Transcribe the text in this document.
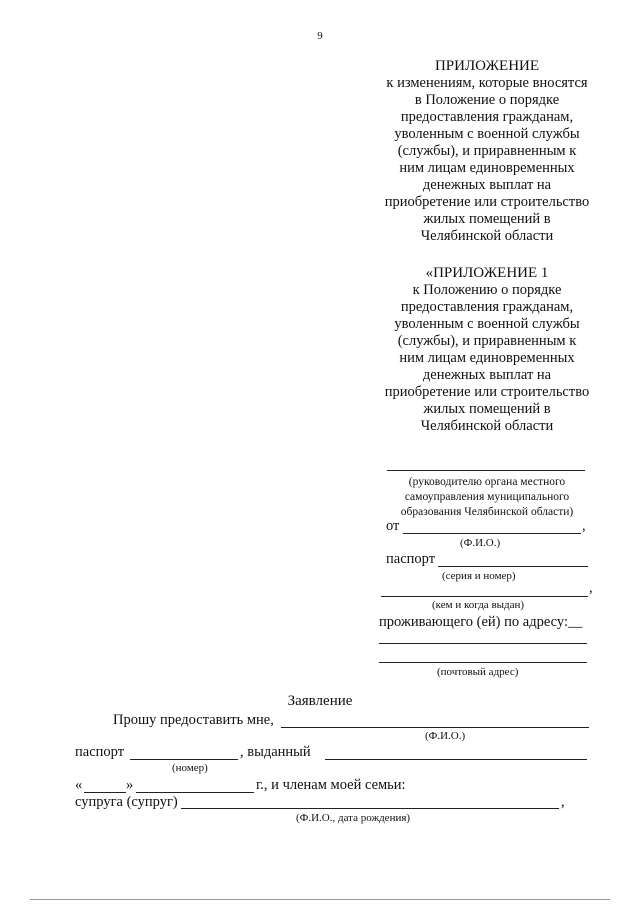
9
ПРИЛОЖЕНИЕ
к изменениям, которые вносятся
в Положение о порядке
предоставления гражданам,
уволенным с военной службы
(службы), и приравненным к
ним лицам единовременных
денежных выплат на
приобретение или строительство
жилых помещений в
Челябинской области
«ПРИЛОЖЕНИЕ 1
к Положению о порядке
предоставления гражданам,
уволенным с военной службы
(службы), и приравненным к
ним лицам единовременных
денежных выплат на
приобретение или строительство
жилых помещений в
Челябинской области
(руководителю органа местного
самоуправления муниципального
образования Челябинской области)
от	,
(Ф.И.О.)
паспорт
(серия и номер)
,
(кем и когда выдан)
проживающего (ей) по адресу:__
(почтовый адрес)
Заявление
Прошу предоставить мне,
(Ф.И.О.)
паспорт	, выданный
(номер)
«	»	г., и членам моей семьи:
супруга (супруг)	,
(Ф.И.О., дата рождения)
